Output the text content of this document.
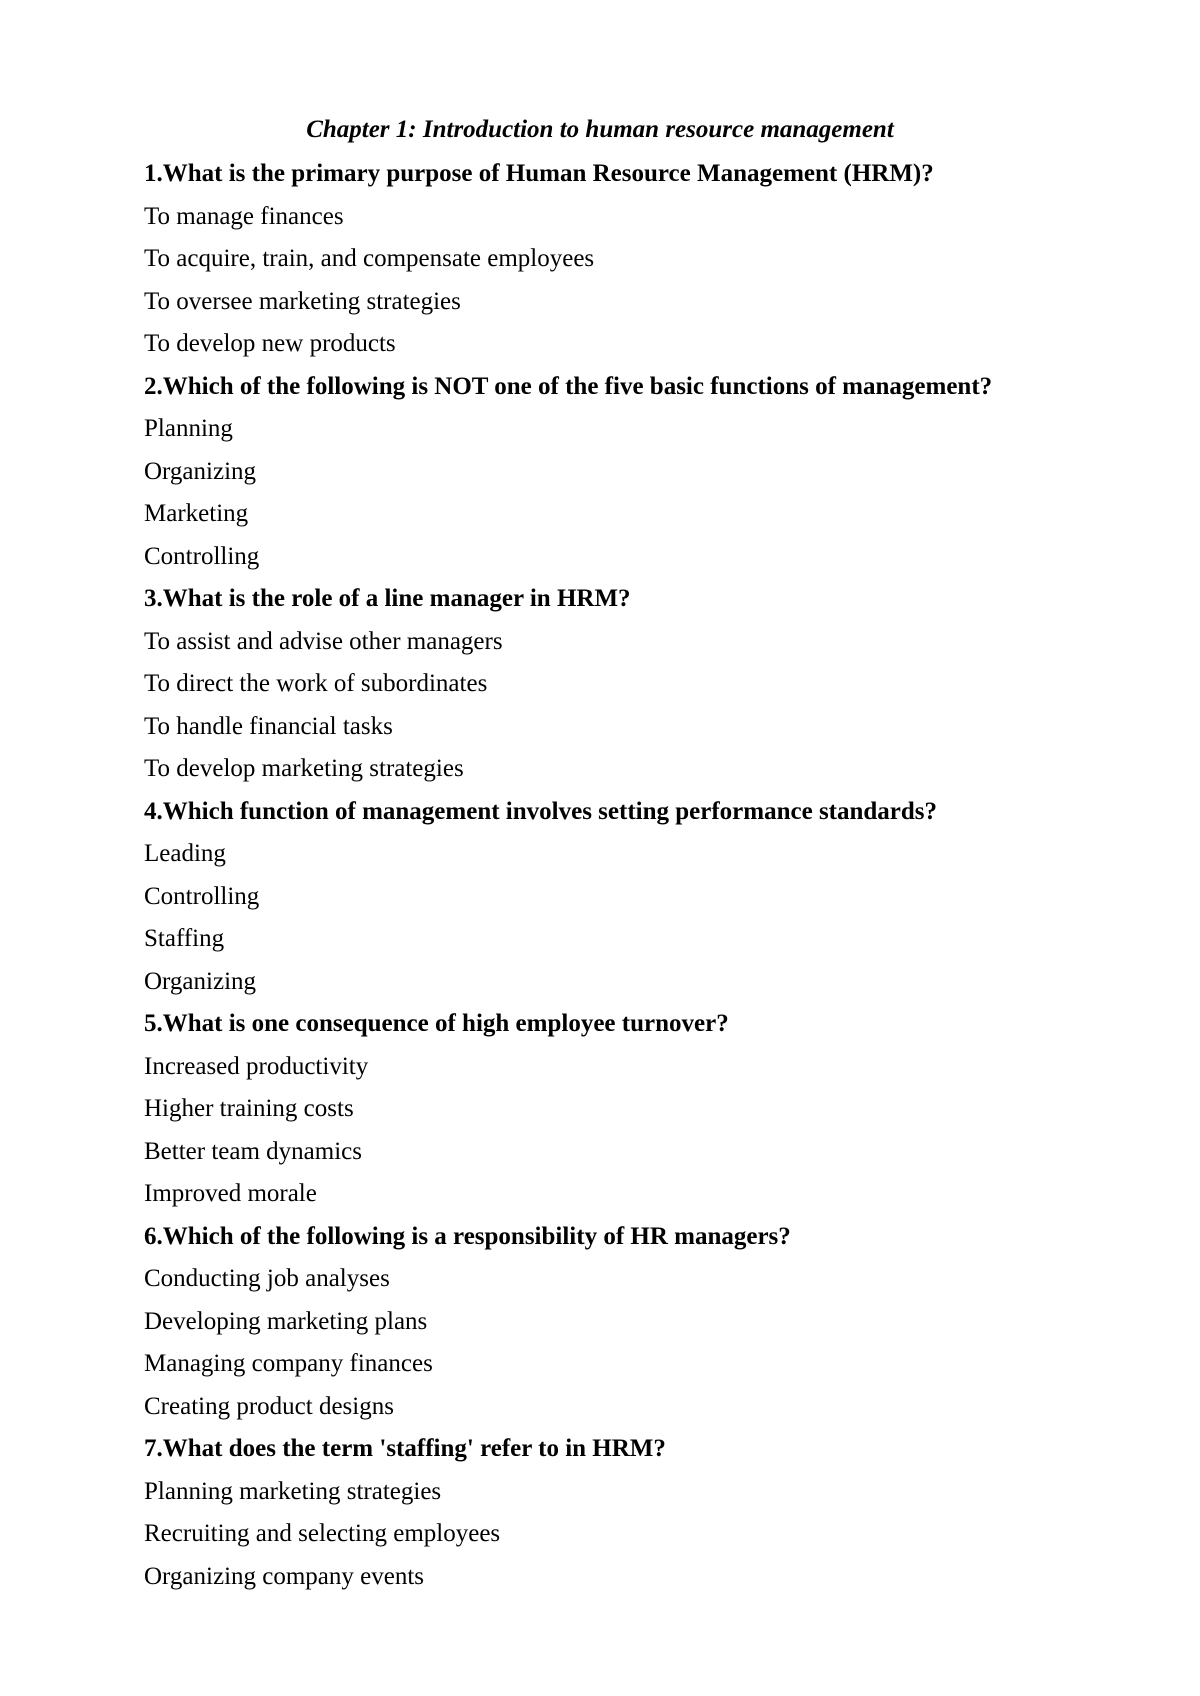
Chapter 1: Introduction to human resource management
1.What is the primary purpose of Human Resource Management (HRM)?
To manage finances
To acquire, train, and compensate employees
To oversee marketing strategies
To develop new products
2.Which of the following is NOT one of the five basic functions of management?
Planning
Organizing
Marketing
Controlling
3.What is the role of a line manager in HRM?
To assist and advise other managers
To direct the work of subordinates
To handle financial tasks
To develop marketing strategies
4.Which function of management involves setting performance standards?
Leading
Controlling
Staffing
Organizing
5.What is one consequence of high employee turnover?
Increased productivity
Higher training costs
Better team dynamics
Improved morale
6.Which of the following is a responsibility of HR managers?
Conducting job analyses
Developing marketing plans
Managing company finances
Creating product designs
7.What does the term 'staffing' refer to in HRM?
Planning marketing strategies
Recruiting and selecting employees
Organizing company events
